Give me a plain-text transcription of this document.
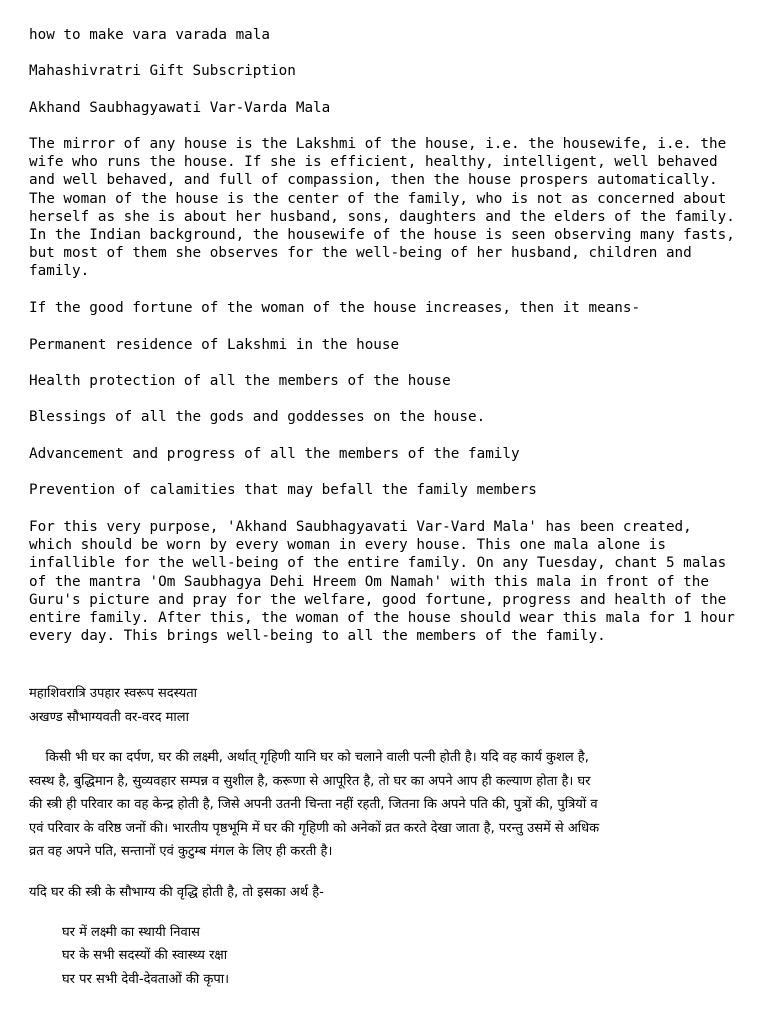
how to make vara varada mala
Mahashivratri Gift Subscription
Akhand Saubhagyawati Var-Varda Mala
The mirror of any house is the Lakshmi of the house, i.e. the housewife, i.e. the
wife who runs the house. If she is efficient, healthy, intelligent, well behaved
and well behaved, and full of compassion, then the house prospers automatically.
The woman of the house is the center of the family, who is not as concerned about
herself as she is about her husband, sons, daughters and the elders of the family.
In the Indian background, the housewife of the house is seen observing many fasts,
but most of them she observes for the well-being of her husband, children and
family.
If the good fortune of the woman of the house increases, then it means-
Permanent residence of Lakshmi in the house
Health protection of all the members of the house
Blessings of all the gods and goddesses on the house.
Advancement and progress of all the members of the family
Prevention of calamities that may befall the family members
For this very purpose, 'Akhand Saubhagyavati Var-Vard Mala' has been created,
which should be worn by every woman in every house. This one mala alone is
infallible for the well-being of the entire family. On any Tuesday, chant 5 malas
of the mantra 'Om Saubhagya Dehi Hreem Om Namah' with this mala in front of the
Guru's picture and pray for the welfare, good fortune, progress and health of the
entire family. After this, the woman of the house should wear this mala for 1 hour
every day. This brings well-being to all the members of the family.
महाशिवरात्रि उपहार स्वरूप सदस्यता
अखण्ड सौभाग्यवती वर-वरद माला
किसी भी घर का दर्पण, घर की लक्ष्मी, अर्थात् गृहिणी यानि घर को चलाने वाली पत्नी होती है। यदि वह कार्य कुशल है,
स्वस्थ है, बुद्धिमान है, सुव्यवहार सम्पन्न व सुशील है, करूणा से आपूरित है, तो घर का अपने आप ही कल्याण होता है। घर
की स्त्री ही परिवार का वह केन्द्र होती है, जिसे अपनी उतनी चिन्ता नहीं रहती, जितना कि अपने पति की, पुत्रों की, पुत्रियों व
एवं परिवार के वरिष्ठ जनों की। भारतीय पृष्ठभूमि में घर की गृहिणी को अनेकों व्रत करते देखा जाता है, परन्तु उसमें से अधिक
व्रत वह अपने पति, सन्तानों एवं कुटुम्ब मंगल के लिए ही करती है।
यदि घर की स्त्री के सौभाग्य की वृद्धि होती है, तो इसका अर्थ है-
घर में लक्ष्मी का स्थायी निवास
घर के सभी सदस्यों की स्वास्थ्य रक्षा
घर पर सभी देवी-देवताओं की कृपा।
